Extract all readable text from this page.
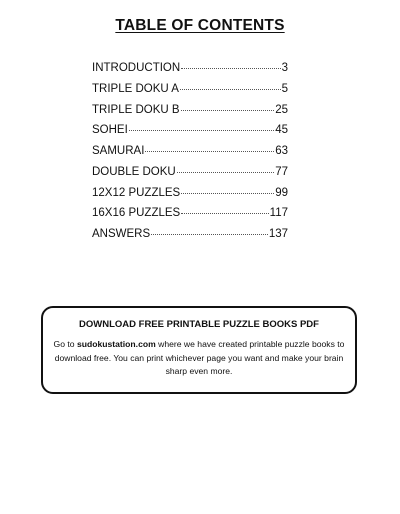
TABLE OF CONTENTS
INTRODUCTION	3
TRIPLE DOKU A	5
TRIPLE DOKU B	25
SOHEI	45
SAMURAI	63
DOUBLE DOKU	77
12X12 PUZZLES	99
16X16 PUZZLES	117
ANSWERS	137
DOWNLOAD FREE PRINTABLE PUZZLE BOOKS PDF
Go to sudokustation.com where we have created printable puzzle books to download free. You can print whichever page you want and make your brain sharp even more.
